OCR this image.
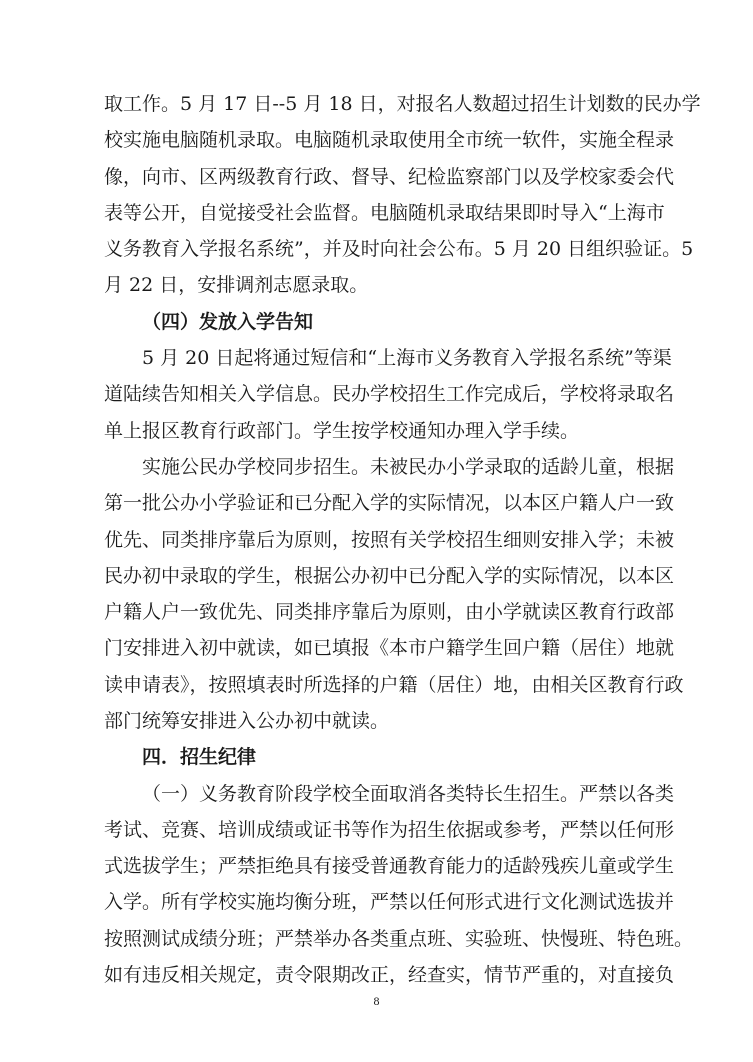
取工作。5 月 17 日--5 月 18 日，对报名人数超过招生计划数的民办学
校实施电脑随机录取。电脑随机录取使用全市统一软件，实施全程录
像，向市、区两级教育行政、督导、纪检监察部门以及学校家委会代
表等公开，自觉接受社会监督。电脑随机录取结果即时导入“上海市
义务教育入学报名系统”，并及时向社会公布。5 月 20 日组织验证。5
月 22 日，安排调剂志愿录取。
（四）发放入学告知
5 月 20 日起将通过短信和“上海市义务教育入学报名系统”等渠
道陆续告知相关入学信息。民办学校招生工作完成后，学校将录取名
单上报区教育行政部门。学生按学校通知办理入学手续。
实施公民办学校同步招生。未被民办小学录取的适龄儿童，根据
第一批公办小学验证和已分配入学的实际情况，以本区户籍人户一致
优先、同类排序靠后为原则，按照有关学校招生细则安排入学；未被
民办初中录取的学生，根据公办初中已分配入学的实际情况，以本区
户籍人户一致优先、同类排序靠后为原则，由小学就读区教育行政部
门安排进入初中就读，如已填报《本市户籍学生回户籍（居住）地就
读申请表》，按照填表时所选择的户籍（居住）地，由相关区教育行政
部门统筹安排进入公办初中就读。
四．招生纪律
（一）义务教育阶段学校全面取消各类特长生招生。严禁以各类
考试、竞赛、培训成绩或证书等作为招生依据或参考，严禁以任何形
式选拔学生；严禁拒绝具有接受普通教育能力的适龄残疾儿童或学生
入学。所有学校实施均衡分班，严禁以任何形式进行文化测试选拔并
按照测试成绩分班；严禁举办各类重点班、实验班、快慢班、特色班。
如有违反相关规定，责令限期改正，经查实，情节严重的，对直接负
8
